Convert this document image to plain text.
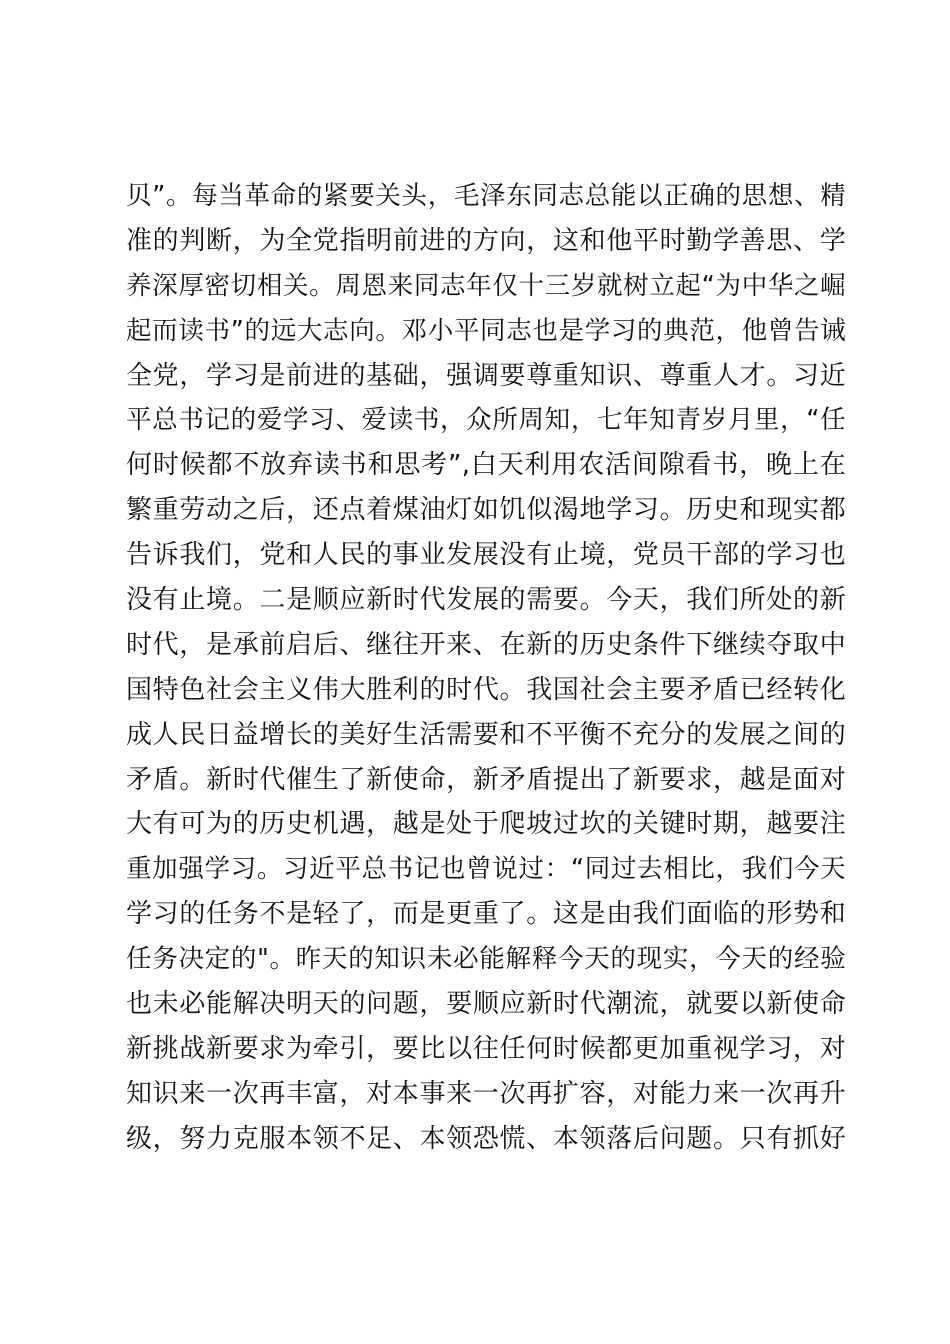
贝”。每当革命的紧要关头，毛泽东同志总能以正确的思想、精
准的判断，为全党指明前进的方向，这和他平时勤学善思、学
养深厚密切相关。周恩来同志年仅十三岁就树立起“为中华之崛
起而读书”的远大志向。邓小平同志也是学习的典范，他曾告诫
全党，学习是前进的基础，强调要尊重知识、尊重人才。习近
平总书记的爱学习、爱读书，众所周知，七年知青岁月里，“任
何时候都不放弃读书和思考”,白天利用农活间隙看书，晚上在
繁重劳动之后，还点着煤油灯如饥似渴地学习。历史和现实都
告诉我们，党和人民的事业发展没有止境，党员干部的学习也
没有止境。二是顺应新时代发展的需要。今天，我们所处的新
时代，是承前启后、继往开来、在新的历史条件下继续夺取中
国特色社会主义伟大胜利的时代。我国社会主要矛盾已经转化
成人民日益增长的美好生活需要和不平衡不充分的发展之间的
矛盾。新时代催生了新使命，新矛盾提出了新要求，越是面对
大有可为的历史机遇，越是处于爬坡过坎的关键时期，越要注
重加强学习。习近平总书记也曾说过：“同过去相比，我们今天
学习的任务不是轻了，而是更重了。这是由我们面临的形势和
任务决定的"。昨天的知识未必能解释今天的现实，今天的经验
也未必能解决明天的问题，要顺应新时代潮流，就要以新使命
新挑战新要求为牵引，要比以往任何时候都更加重视学习，对
知识来一次再丰富，对本事来一次再扩容，对能力来一次再升
级，努力克服本领不足、本领恐慌、本领落后问题。只有抓好
